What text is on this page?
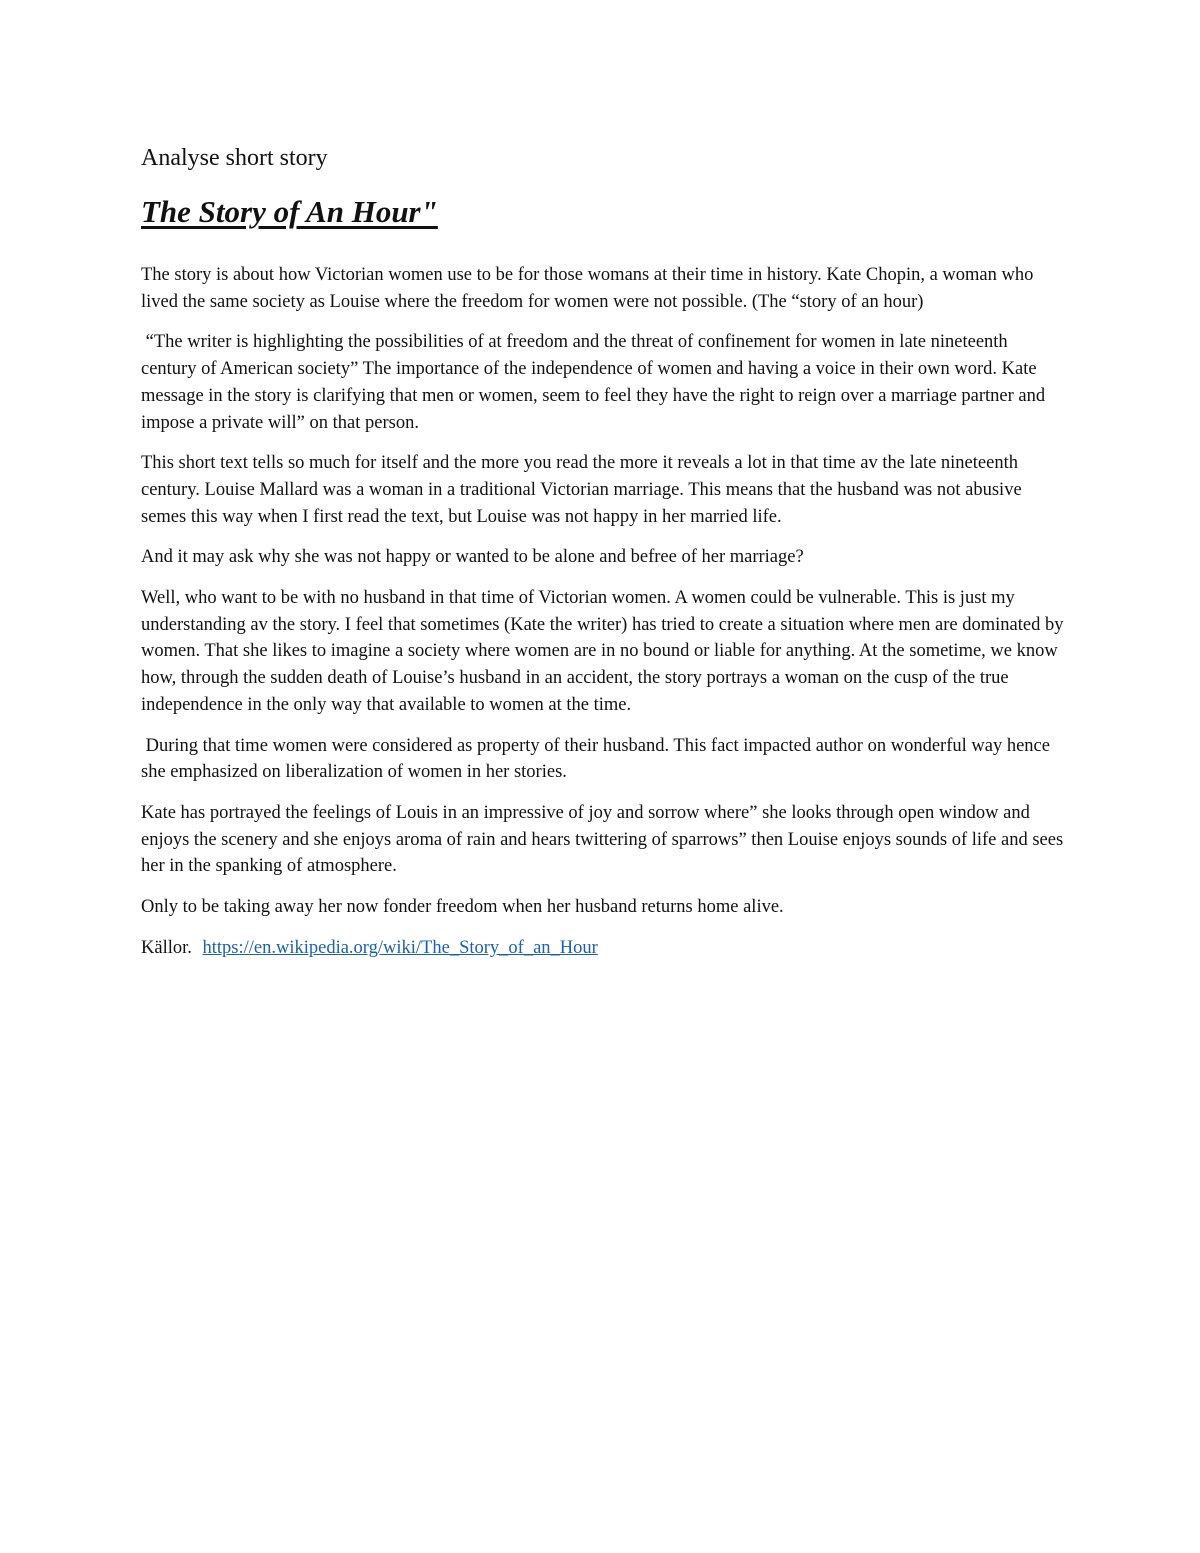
Analyse short story
The Story of An Hour"

The story is about how Victorian women use to be for those womans at their time in history. Kate Chopin, a woman who lived the same society as Louise where the freedom for women were not possible. (The “story of an hour)

“The writer is highlighting the possibilities of at freedom and the threat of confinement for women in late nineteenth century of American society” The importance of the independence of women and having a voice in their own word. Kate message in the story is clarifying that men or women, seem to feel they have the right to reign over a marriage partner and impose a private will” on that person.

This short text tells so much for itself and the more you read the more it reveals a lot in that time av the late nineteenth century. Louise Mallard was a woman in a traditional Victorian marriage. This means that the husband was not abusive semes this way when I first read the text, but Louise was not happy in her married life.

And it may ask why she was not happy or wanted to be alone and befree of her marriage?

Well, who want to be with no husband in that time of Victorian women. A women could be vulnerable. This is just my understanding av the story. I feel that sometimes (Kate the writer) has tried to create a situation where men are dominated by women. That she likes to imagine a society where women are in no bound or liable for anything. At the sometime, we know how, through the sudden death of Louise’s husband in an accident, the story portrays a woman on the cusp of the true independence in the only way that available to women at the time.

During that time women were considered as property of their husband. This fact impacted author on wonderful way hence she emphasized on liberalization of women in her stories.

Kate has portrayed the feelings of Louis in an impressive of joy and sorrow where” she looks through open window and enjoys the scenery and she enjoys aroma of rain and hears twittering of sparrows” then Louise enjoys sounds of life and sees her in the spanking of atmosphere.

Only to be taking away her now fonder freedom when her husband returns home alive.

Källor. https://en.wikipedia.org/wiki/The_Story_of_an_Hour
